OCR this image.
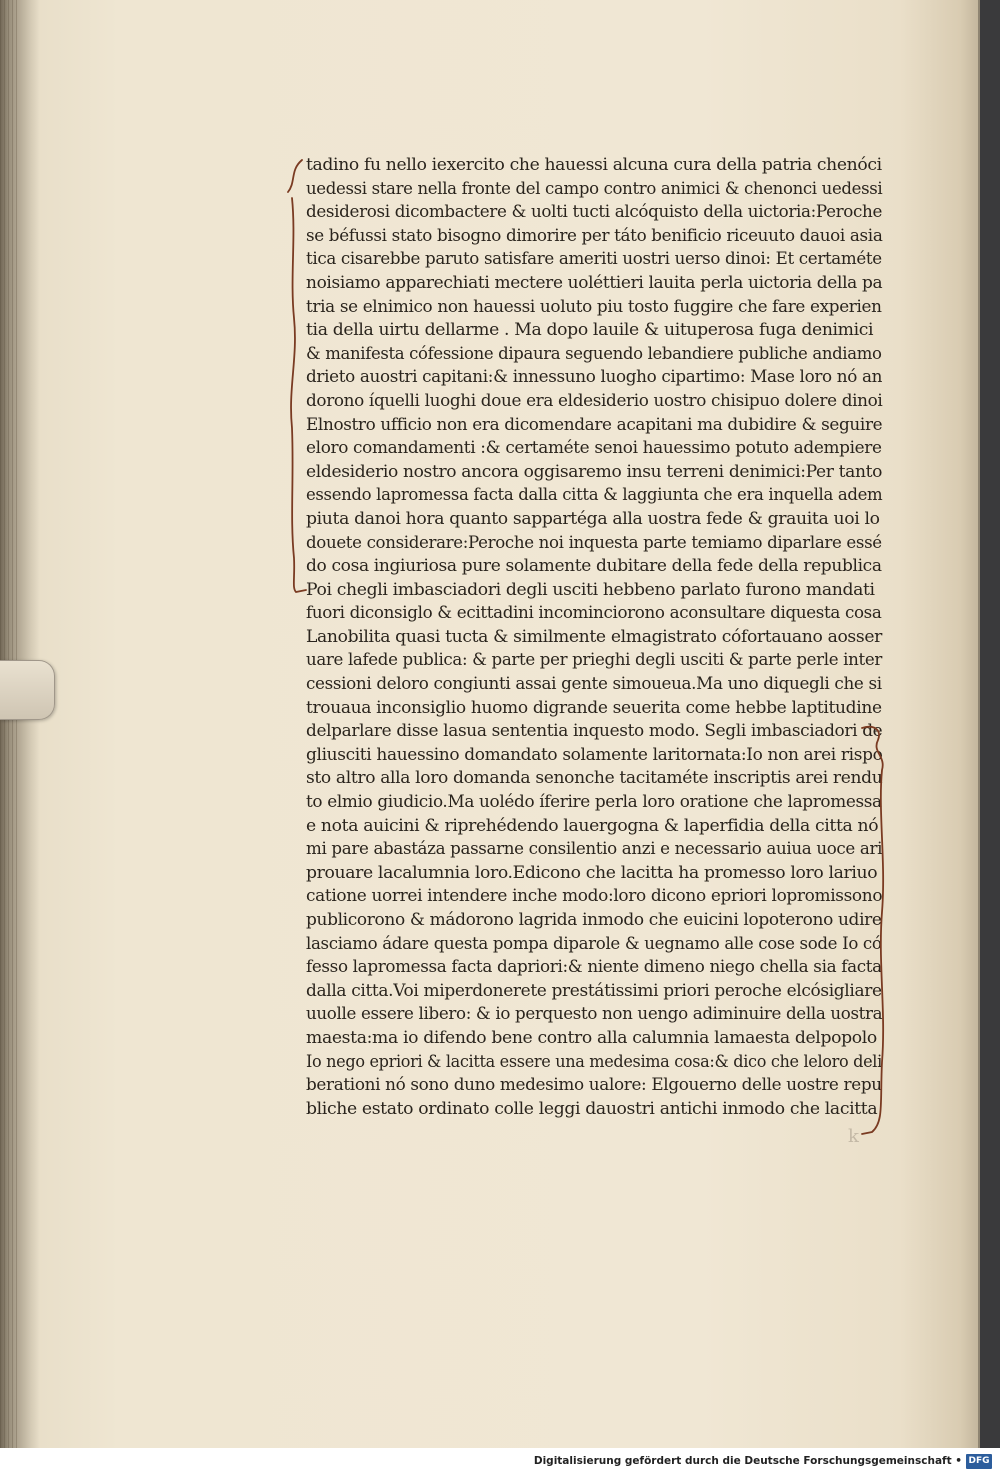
tadino fu nello iexercito che hauessi alcuna cura della patria chenóci
uedessi stare nella fronte del campo contro animici & chenonci uedessi
desiderosi dicombactere & uolti tucti alcóquisto della uictoria:Peroche
se béfussi stato bisogno dimorire per táto benificio riceuuto dauoi asia
tica cisarebbe paruto satisfare ameriti uostri uerso dinoi: Et certaméte
noisiamo apparechiati mectere uoléttieri lauita perla uictoria della pa
tria se elnimico non hauessi uoluto piu tosto fuggire che fare experien
tia della uirtu dellarme . Ma dopo lauile & uituperosa fuga denimici
& manifesta cófessione dipaura seguendo lebandiere publiche andiamo
drieto auostri capitani:& innessuno luogho cipartimo: Mase loro nó an
dorono íquelli luoghi doue era eldesiderio uostro chisipuo dolere dinoi
Elnostro ufficio non era dicomendare acapitani ma dubidire & seguire
eloro comandamenti :& certaméte senoi hauessimo potuto adempiere
eldesiderio nostro ancora oggisaremo insu terreni denimici:Per tanto
essendo lapromessa facta dalla citta & laggiunta che era inquella adem
piuta danoi hora quanto sappartéga alla uostra fede & grauita uoi lo
douete considerare:Peroche noi inquesta parte temiamo diparlare essé
do cosa ingiuriosa pure solamente dubitare della fede della republica
Poi chegli imbasciadori degli usciti hebbeno parlato furono mandati
fuori diconsiglo & ecittadini incominciorono aconsultare diquesta cosa
Lanobilita quasi tucta & similmente elmagistrato cófortauano aosser
uare lafede publica: & parte per prieghi degli usciti & parte perle inter
cessioni deloro congiunti assai gente simoueua.Ma uno diquegli che si
trouaua inconsiglio huomo digrande seuerita come hebbe laptitudine
delparlare disse lasua sententia inquesto modo. Segli imbasciadori de
gliusciti hauessino domandato solamente laritornata:Io non arei rispo
sto altro alla loro domanda senonche tacitaméte inscriptis arei rendu
to elmio giudicio.Ma uolédo íferire perla loro oratione che lapromessa
e nota auicini & riprehédendo lauergogna & laperfidia della citta nó
mi pare abastáza passarne consilentio anzi e necessario auiua uoce ari
prouare lacalumnia loro.Edicono che lacitta ha promesso loro lariuo
catione uorrei intendere inche modo:loro dicono epriori lopromissono
publicorono & mádorono lagrida inmodo che euicini lopoterono udire
lasciamo ádare questa pompa diparole & uegnamo alle cose sode Io có
fesso lapromessa facta dapriori:& niente dimeno niego chella sia facta
dalla citta.Voi miperdonerete prestátissimi priori peroche elcósigliare
uuolle essere libero: & io perquesto non uengo adiminuire della uostra
maesta:ma io difendo bene contro alla calumnia lamaesta delpopolo
Io nego epriori & lacitta essere una medesima cosa:& dico che leloro deli
berationi nó sono duno medesimo ualore: Elgouerno delle uostre repu
bliche estato ordinato colle leggi dauostri antichi inmodo che lacitta
k
Digitalisierung gefördert durch die Deutsche Forschungsgemeinschaft • DFG
